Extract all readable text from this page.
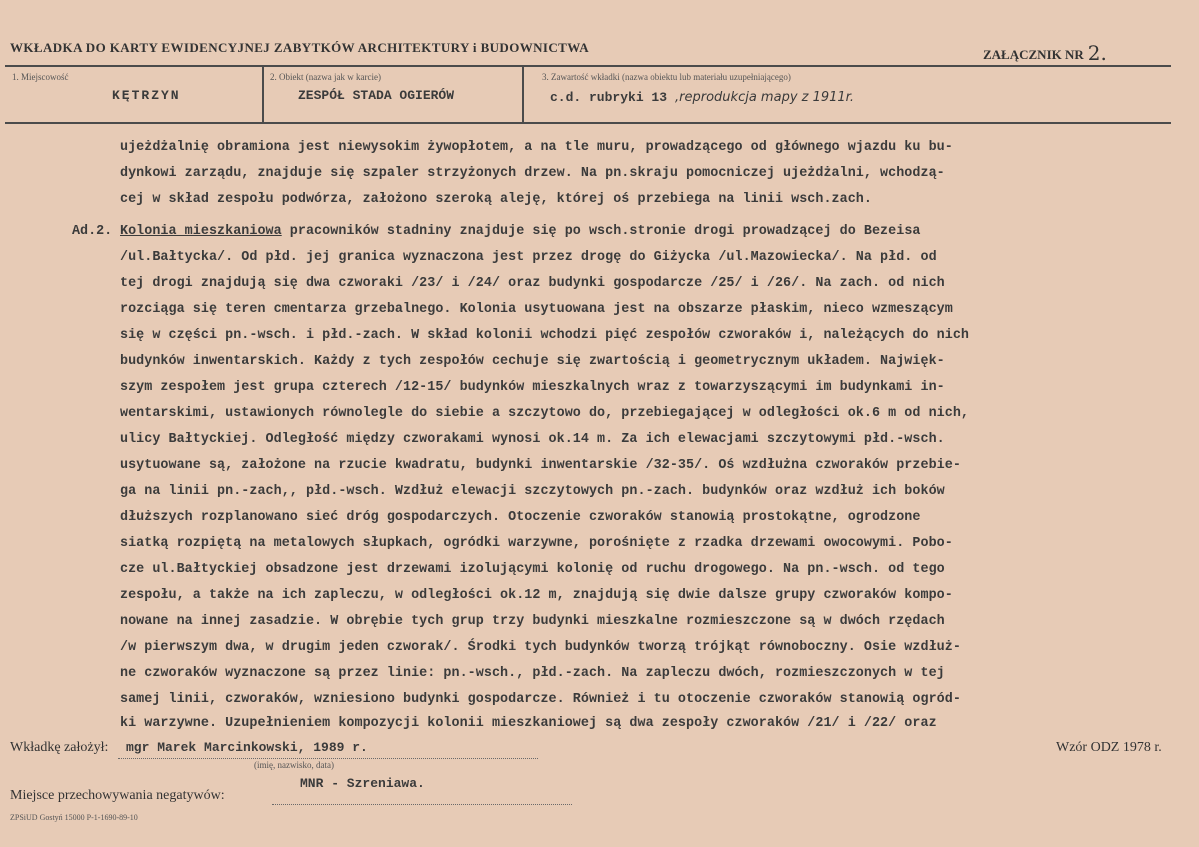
WKŁADKA DO KARTY EWIDENCYJNEJ ZABYTKÓW ARCHITEKTURY i BUDOWNICTWA	ZAŁĄCZNIK NR 2.
1. Miejscowość
KĘTRZYN
2. Obiekt (nazwa jak w karcie)
ZESPÓŁ STADA OGIERÓW
3. Zawartość wkładki (nazwa obiektu lub materiału uzupełniającego)
c.d. rubryki 13 ,reprodukcja mapy z 1911r.
ujeżdżalnię obramiona jest niewysokim żywopłotem, a na tle muru, prowadzącego od głównego wjazdu ku bu-
dynkowi zarządu, znajduje się szpaler strzyżonych drzew. Na pn.skraju pomocniczej ujeżdżalni, wchodzą-
cej w skład zespołu podwórza, założono szeroką aleję, której oś przebiega na linii wsch.zach.
Ad.2. Kolonia mieszkaniowa pracowników stadniny znajduje się po wsch.stronie drogi prowadzącej do Bezeisa
/ul.Bałtycka/. Od płd. jej granica wyznaczona jest przez drogę do Giżycka /ul.Mazowiecka/. Na płd. od
tej drogi znajdują się dwa czworaki /23/ i /24/ oraz budynki gospodarcze /25/ i /26/. Na zach. od nich
rozciąga się teren cmentarza grzebalnego. Kolonia usytuowana jest na obszarze płaskim, nieco wzmeszącym
się w części pn.-wsch. i płd.-zach. W skład kolonii wchodzi pięć zespołów czworaków i, należących do nich
budynków inwentarskich. Każdy z tych zespołów cechuje się zwartością i geometrycznym układem. Najwięk-
szym zespołem jest grupa czterech /12-15/ budynków mieszkalnych wraz z towarzyszącymi im budynkami in-
wentarskimi, ustawionych równolegle do siebie a szczytowo do, przebiegającej w odległości ok.6 m od nich,
ulicy Bałtyckiej. Odległość między czworakami wynosi ok.14 m. Za ich elewacjami szczytowymi płd.-wsch.
usytuowane są, założone na rzucie kwadratu, budynki inwentarskie /32-35/. Oś wzdłużna czworaków przebie-
ga na linii pn.-zach,, płd.-wsch. Wzdłuż elewacji szczytowych pn.-zach. budynków oraz wzdłuż ich boków
dłuższych rozplanowano sieć dróg gospodarczych. Otoczenie czworaków stanowią prostokątne, ogrodzone
siatką rozpiętą na metalowych słupkach, ogródki warzywne, porośnięte z rzadka drzewami owocowymi. Pobo-
cze ul.Bałtyckiej obsadzone jest drzewami izolującymi kolonię od ruchu drogowego. Na pn.-wsch. od tego
zespołu, a także na ich zapleczu, w odległości ok.12 m, znajdują się dwie dalsze grupy czworaków kompo-
nowane na innej zasadzie. W obrębie tych grup trzy budynki mieszkalne rozmieszczone są w dwóch rzędach
/w pierwszym dwa, w drugim jeden czworak/. Środki tych budynków tworzą trójkąt równoboczny. Osie wzdłuż-
ne czworaków wyznaczone są przez linie: pn.-wsch., płd.-zach. Na zapleczu dwóch, rozmieszczonych w tej
samej linii, czworaków, wzniesiono budynki gospodarcze. Również i tu otoczenie czworaków stanowią ogród-
ki warzywne. Uzupełnieniem kompozycji kolonii mieszkaniowej są dwa zespoły czworaków /21/ i /22/ oraz
Wkładkę założył: mgr Marek Marcinkowski, 1989 r.
(imię, nazwisko, data)
Wzór ODZ 1978 r.
MNR - Szreniawa.
Miejsce przechowywania negatywów:
ZPSiUD Gostyń 15000 P-1-1690-89-10
